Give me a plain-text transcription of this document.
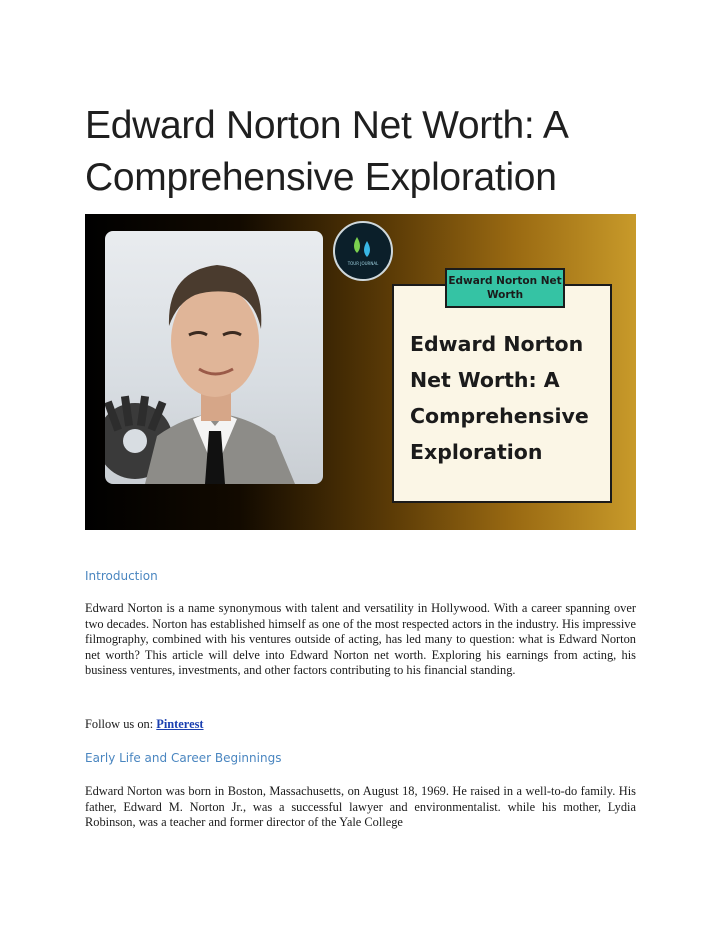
Edward Norton Net Worth: A Comprehensive Exploration
TOUR JOURNAL
Edward Norton Net Worth: A Comprehensive Exploration
Edward Norton Net Worth
Introduction

Edward Norton is a name synonymous with talent and versatility in Hollywood. With a career spanning over two decades. Norton has established himself as one of the most respected actors in the industry. His impressive filmography, combined with his ventures outside of acting, has led many to question: what is Edward Norton net worth? This article will delve into Edward Norton net worth. Exploring his earnings from acting, his business ventures, investments, and other factors contributing to his financial standing.

Follow us on: Pinterest

Early Life and Career Beginnings

Edward Norton was born in Boston, Massachusetts, on August 18, 1969. He raised in a well-to-do family. His father, Edward M. Norton Jr., was a successful lawyer and environmentalist. while his mother, Lydia Robinson, was a teacher and former director of the Yale College
